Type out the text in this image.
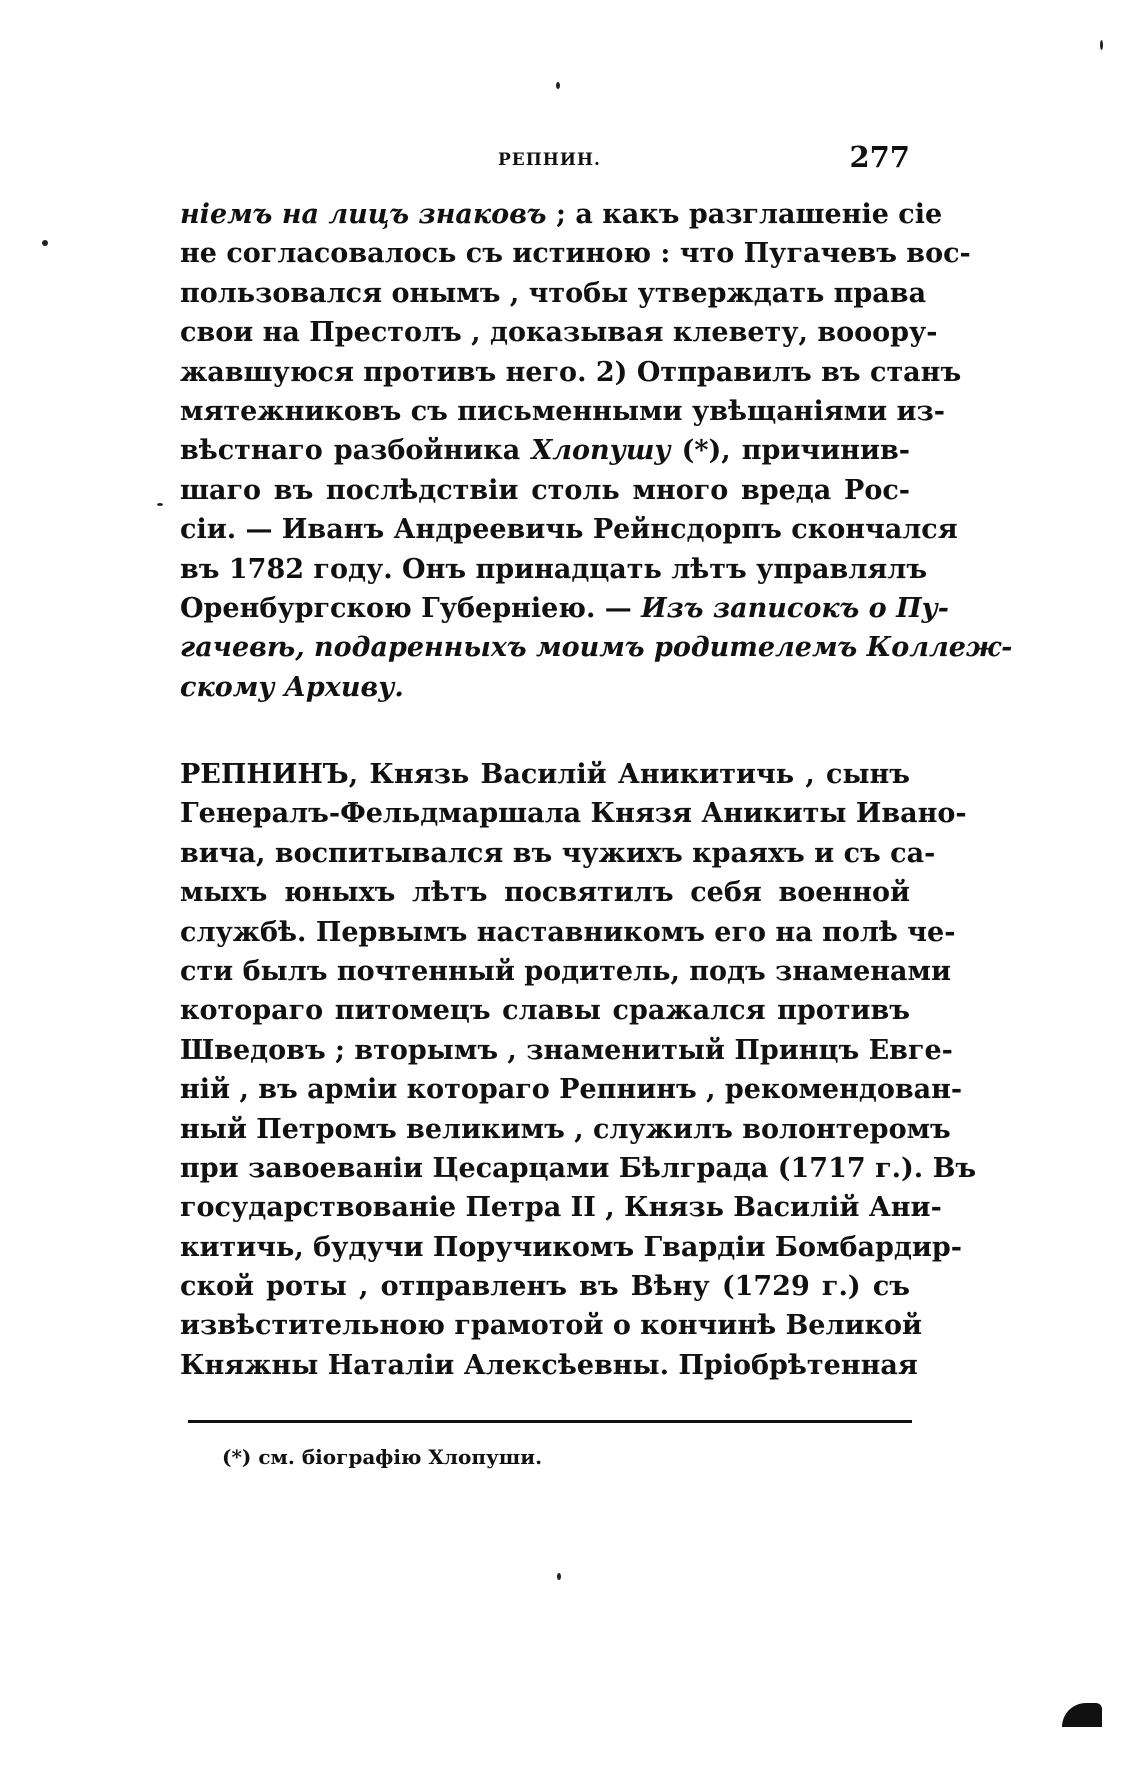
РЕПНИН.	277
ніемъ на лицъ знаковъ ; а какъ разглашеніе сіе
не согласовалось съ истиною : что Пугачевъ вос-
пользовался онымъ , чтобы утверждать права
свои на Престолъ , доказывая клевету, вооору-
жавшуюся противъ него. 2) Отправилъ въ станъ
мятежниковъ съ письменными увѣщаніями из-
вѣстнаго разбойника Хлопушу (*), причинив-
шаго въ послѣдствіи столь много вреда Рос-
сіи. — Иванъ Андреевичь Рейнсдорпъ скончался
въ 1782 году. Онъ принадцать лѣтъ управлялъ
Оренбургскою Губерніею. — Изъ записокъ о Пу-
гачевѣ, подаренныхъ моимъ родителемъ Коллеж-
скому Архиву.
РЕПНИНЪ, Князь Василій Аникитичь , сынъ
Генералъ-Фельдмаршала Князя Аникиты Ивано-
вича, воспитывался въ чужихъ краяхъ и съ са-
мыхъ юныхъ лѣтъ посвятилъ себя военной
службѣ. Первымъ наставникомъ его на полѣ че-
сти былъ почтенный родитель, подъ знаменами
котораго питомецъ славы сражался противъ
Шведовъ ; вторымъ , знаменитый Принцъ Евге-
ній , въ арміи котораго Репнинъ , рекомендован-
ный Петромъ великимъ , служилъ волонтеромъ
при завоеваніи Цесарцами Бѣлграда (1717 г.). Въ
государствованіе Петра II , Князь Василій Ани-
китичь, будучи Поручикомъ Гвардіи Бомбардир-
ской роты , отправленъ въ Вѣну (1729 г.) съ
извѣстительною грамотой о кончинѣ Великой
Княжны Наталіи Алексѣевны. Пріобрѣтенная
(*) см. біографію Хлопуши.
